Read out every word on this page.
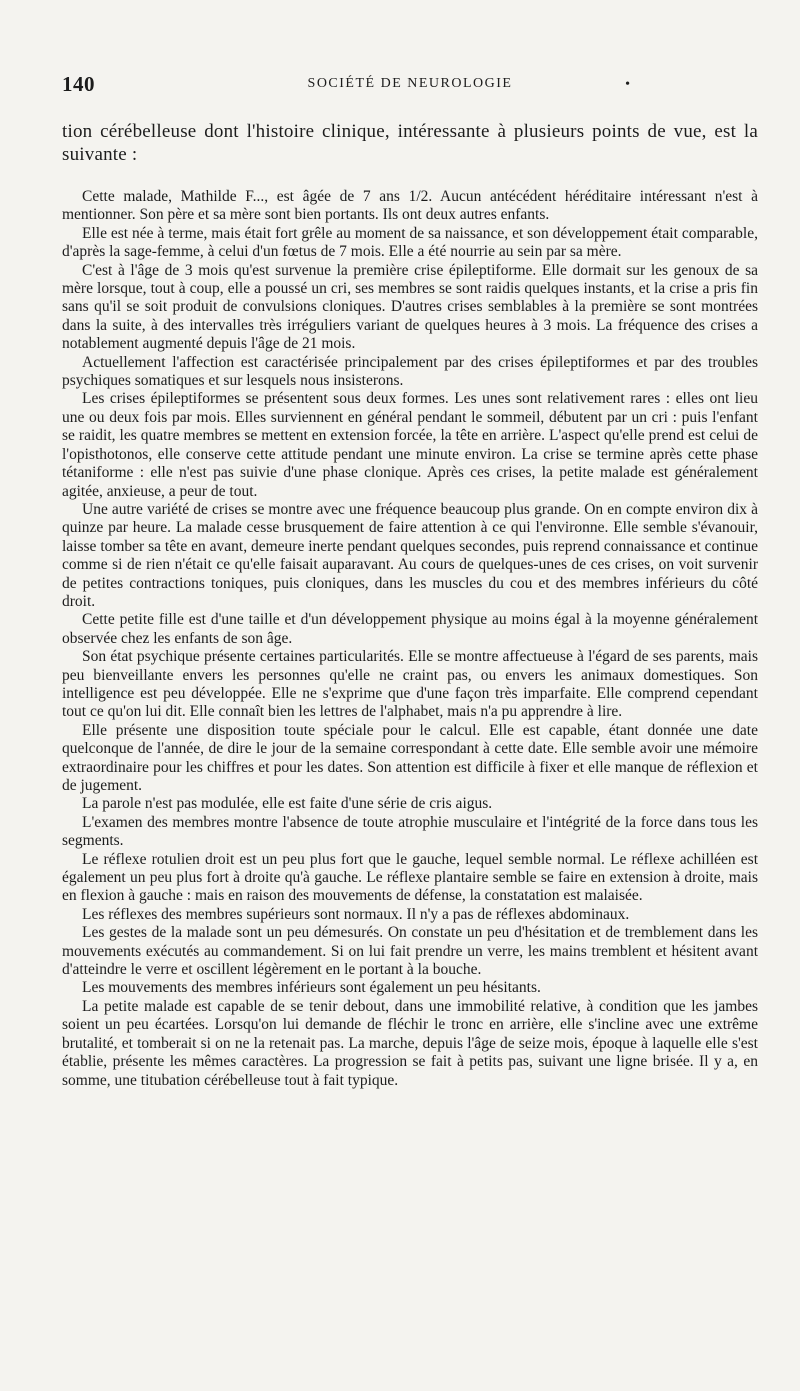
140	SOCIÉTÉ DE NEUROLOGIE	•

tion cérébelleuse dont l'histoire clinique, intéressante à plusieurs points de vue, est la suivante :

Cette malade, Mathilde F..., est âgée de 7 ans 1/2. Aucun antécédent héréditaire intéressant n'est à mentionner. Son père et sa mère sont bien portants. Ils ont deux autres enfants.

Elle est née à terme, mais était fort grêle au moment de sa naissance, et son développement était comparable, d'après la sage-femme, à celui d'un fœtus de 7 mois. Elle a été nourrie au sein par sa mère.

C'est à l'âge de 3 mois qu'est survenue la première crise épileptiforme. Elle dormait sur les genoux de sa mère lorsque, tout à coup, elle a poussé un cri, ses membres se sont raidis quelques instants, et la crise a pris fin sans qu'il se soit produit de convulsions cloniques. D'autres crises semblables à la première se sont montrées dans la suite, à des intervalles très irréguliers variant de quelques heures à 3 mois. La fréquence des crises a notablement augmenté depuis l'âge de 21 mois.

Actuellement l'affection est caractérisée principalement par des crises épileptiformes et par des troubles psychiques somatiques et sur lesquels nous insisterons.

Les crises épileptiformes se présentent sous deux formes. Les unes sont relativement rares : elles ont lieu une ou deux fois par mois. Elles surviennent en général pendant le sommeil, débutent par un cri : puis l'enfant se raidit, les quatre membres se mettent en extension forcée, la tête en arrière. L'aspect qu'elle prend est celui de l'opisthotonos, elle conserve cette attitude pendant une minute environ. La crise se termine après cette phase tétaniforme : elle n'est pas suivie d'une phase clonique. Après ces crises, la petite malade est généralement agitée, anxieuse, a peur de tout.

Une autre variété de crises se montre avec une fréquence beaucoup plus grande. On en compte environ dix à quinze par heure. La malade cesse brusquement de faire attention à ce qui l'environne. Elle semble s'évanouir, laisse tomber sa tête en avant, demeure inerte pendant quelques secondes, puis reprend connaissance et continue comme si de rien n'était ce qu'elle faisait auparavant. Au cours de quelques-unes de ces crises, on voit survenir de petites contractions toniques, puis cloniques, dans les muscles du cou et des membres inférieurs du côté droit.

Cette petite fille est d'une taille et d'un développement physique au moins égal à la moyenne généralement observée chez les enfants de son âge.

Son état psychique présente certaines particularités. Elle se montre affectueuse à l'égard de ses parents, mais peu bienveillante envers les personnes qu'elle ne craint pas, ou envers les animaux domestiques. Son intelligence est peu développée. Elle ne s'exprime que d'une façon très imparfaite. Elle comprend cependant tout ce qu'on lui dit. Elle connaît bien les lettres de l'alphabet, mais n'a pu apprendre à lire.

Elle présente une disposition toute spéciale pour le calcul. Elle est capable, étant donnée une date quelconque de l'année, de dire le jour de la semaine correspondant à cette date. Elle semble avoir une mémoire extraordinaire pour les chiffres et pour les dates. Son attention est difficile à fixer et elle manque de réflexion et de jugement.

La parole n'est pas modulée, elle est faite d'une série de cris aigus.

L'examen des membres montre l'absence de toute atrophie musculaire et l'intégrité de la force dans tous les segments.

Le réflexe rotulien droit est un peu plus fort que le gauche, lequel semble normal. Le réflexe achilléen est également un peu plus fort à droite qu'à gauche. Le réflexe plantaire semble se faire en extension à droite, mais en flexion à gauche : mais en raison des mouvements de défense, la constatation est malaisée.

Les réflexes des membres supérieurs sont normaux. Il n'y a pas de réflexes abdominaux.

Les gestes de la malade sont un peu démesurés. On constate un peu d'hésitation et de tremblement dans les mouvements exécutés au commandement. Si on lui fait prendre un verre, les mains tremblent et hésitent avant d'atteindre le verre et oscillent légèrement en le portant à la bouche.

Les mouvements des membres inférieurs sont également un peu hésitants.

La petite malade est capable de se tenir debout, dans une immobilité relative, à condition que les jambes soient un peu écartées. Lorsqu'on lui demande de fléchir le tronc en arrière, elle s'incline avec une extrême brutalité, et tomberait si on ne la retenait pas. La marche, depuis l'âge de seize mois, époque à laquelle elle s'est établie, présente les mêmes caractères. La progression se fait à petits pas, suivant une ligne brisée. Il y a, en somme, une titubation cérébelleuse tout à fait typique.
